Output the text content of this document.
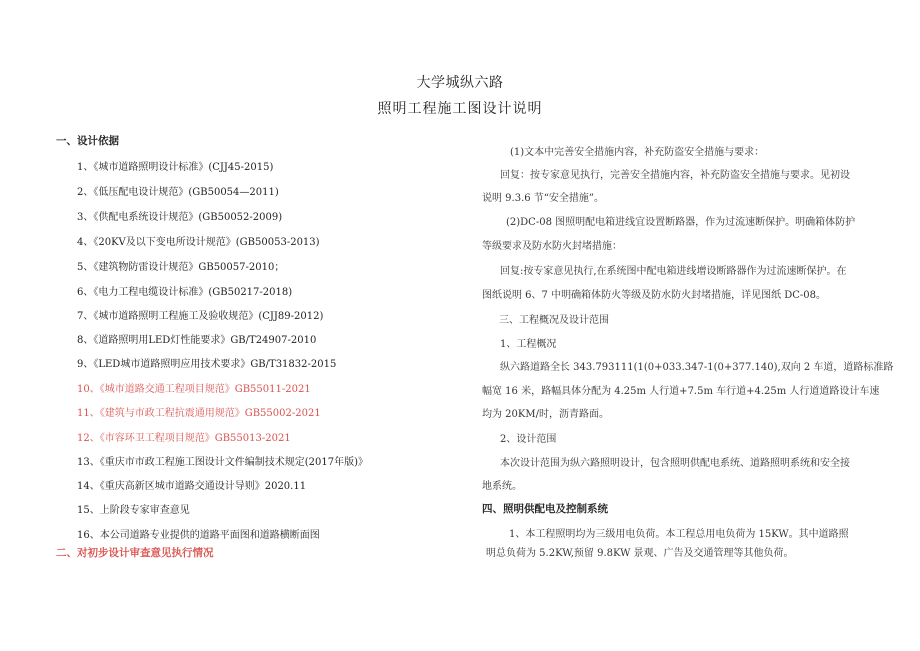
大学城纵六路
照明工程施工图设计说明
一、设计依据
1、《城市道路照明设计标准》(CJJ45-2015)
2、《低压配电设计规范》(GB50054—2011)
3、《供配电系统设计规范》(GB50052-2009)
4、《20KV及以下变电所设计规范》(GB50053-2013)
5、《建筑物防雷设计规范》GB50057-2010；
6、《电力工程电缆设计标准》(GB50217-2018)
7、《城市道路照明工程施工及验收规范》(CJJ89-2012)
8、《道路照明用LED灯性能要求》GB/T24907-2010
9、《LED城市道路照明应用技术要求》GB/T31832-2015
10、《城市道路交通工程项目规范》GB55011-2021
11、《建筑与市政工程抗震通用规范》GB55002-2021
12、《市容环卫工程项目规范》GB55013-2021
13、《重庆市市政工程施工图设计文件编制技术规定(2017年版)》
14、《重庆高新区城市道路交通设计导则》2020.11
15、上阶段专家审查意见
16、本公司道路专业提供的道路平面图和道路横断面图
二、对初步设计审查意见执行情况
(1)文本中完善安全措施内容，补充防盗安全措施与要求：
回复：按专家意见执行，完善安全措施内容，补充防盗安全措施与要求。见初设
说明 9.3.6 节“安全措施”。
(2)DC-08 图照明配电箱进线宜设置断路器，作为过流速断保护。明确箱体防护
等级要求及防水防火封堵措施：
回复:按专家意见执行,在系统图中配电箱进线增设断路器作为过流速断保护。在
图纸说明 6、7 中明确箱体防火等级及防水防火封堵措施，详见图纸 DC-08。
三、工程概况及设计范围
1、工程概况
纵六路道路全长 343.793111(1(0+033.347-1(0+377.140),双向 2 车道，道路标准路
幅宽 16 米，路幅具体分配为 4.25m 人行道+7.5m 车行道+4.25m 人行道道路设计车速
均为 20KM/时，沥青路面。
2、设计范围
本次设计范围为纵六路照明设计，包含照明供配电系统、道路照明系统和安全接
地系统。
四、照明供配电及控制系统
1、本工程照明均为三级用电负荷。本工程总用电负荷为 15KW。其中道路照
明总负荷为 5.2KW,预留 9.8KW 景观、广告及交通管理等其他负荷。
